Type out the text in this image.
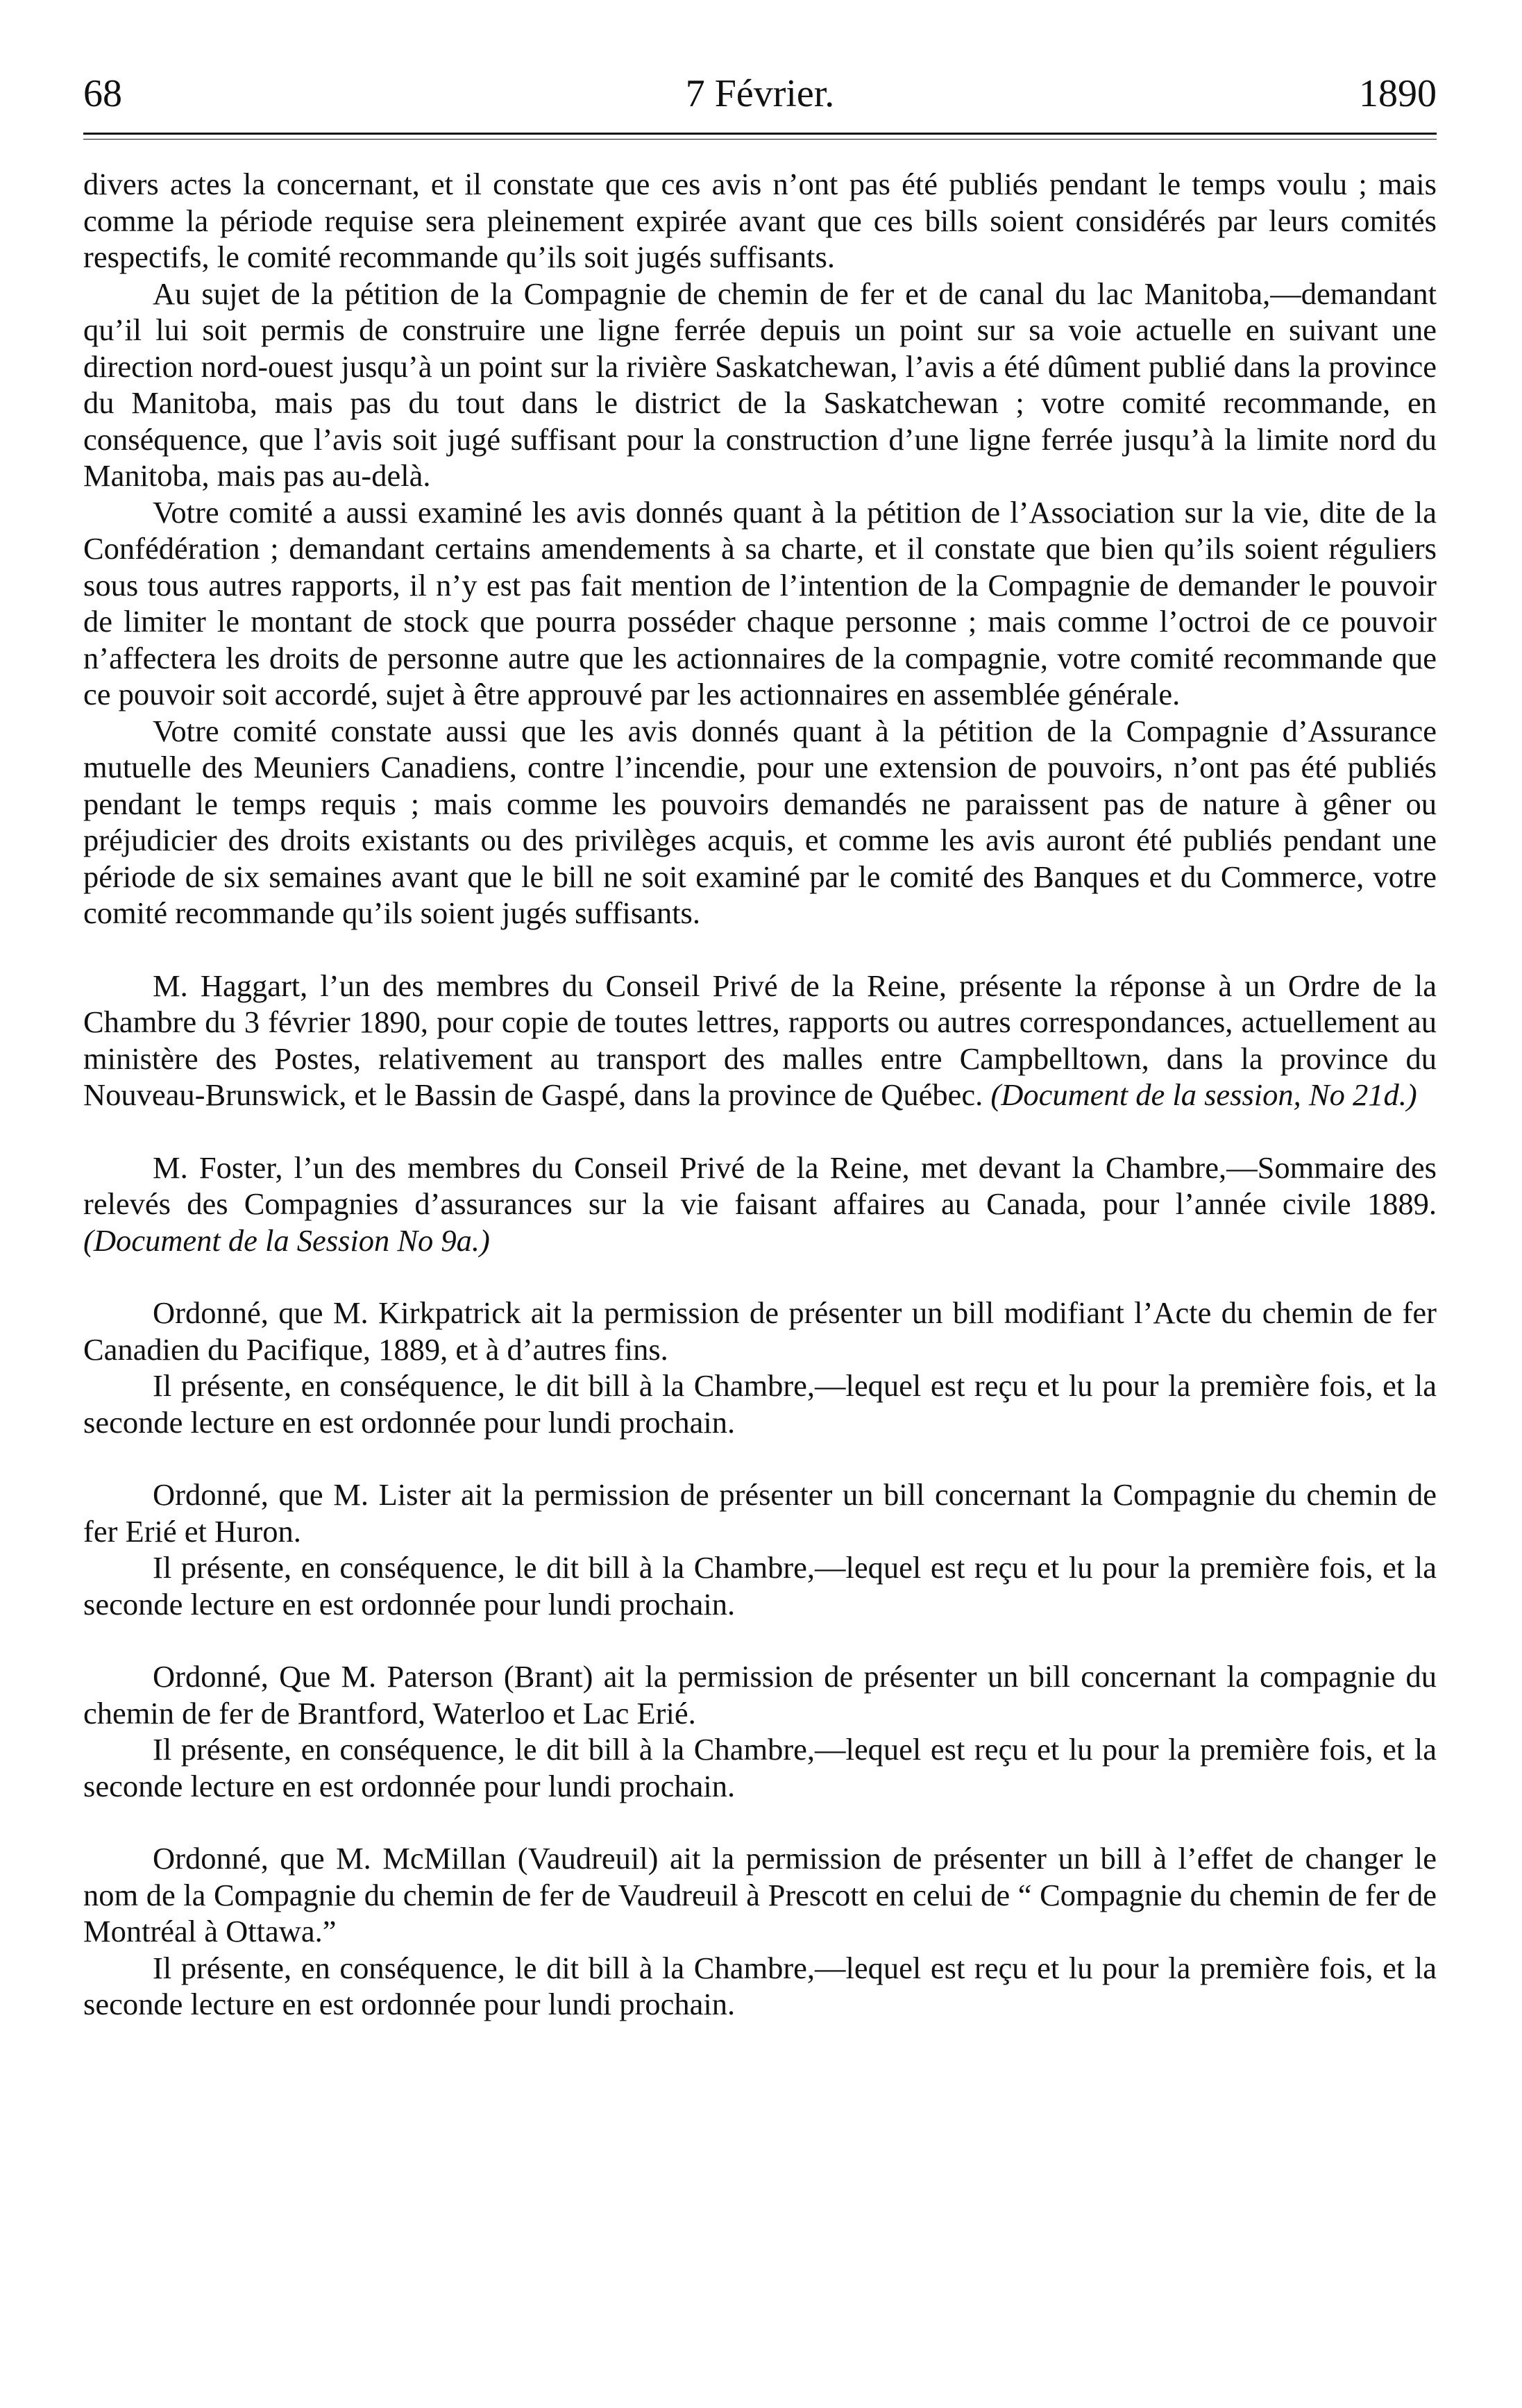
68	7 Février.	1890

divers actes la concernant, et il constate que ces avis n’ont pas été publiés pendant le temps voulu ; mais comme la période requise sera pleinement expirée avant que ces bills soient considérés par leurs comités respectifs, le comité recommande qu’ils soit jugés suffisants.

Au sujet de la pétition de la Compagnie de chemin de fer et de canal du lac Manitoba,—demandant qu’il lui soit permis de construire une ligne ferrée depuis un point sur sa voie actuelle en suivant une direction nord-ouest jusqu’à un point sur la rivière Saskatchewan, l’avis a été dûment publié dans la province du Manitoba, mais pas du tout dans le district de la Saskatchewan ; votre comité recommande, en conséquence, que l’avis soit jugé suffisant pour la construction d’une ligne ferrée jusqu’à la limite nord du Manitoba, mais pas au-delà.

Votre comité a aussi examiné les avis donnés quant à la pétition de l’Association sur la vie, dite de la Confédération ; demandant certains amendements à sa charte, et il constate que bien qu’ils soient réguliers sous tous autres rapports, il n’y est pas fait mention de l’intention de la Compagnie de demander le pouvoir de limiter le montant de stock que pourra posséder chaque personne ; mais comme l’octroi de ce pouvoir n’affectera les droits de personne autre que les actionnaires de la compagnie, votre comité recommande que ce pouvoir soit accordé, sujet à être approuvé par les actionnaires en assemblée générale.

Votre comité constate aussi que les avis donnés quant à la pétition de la Compagnie d’Assurance mutuelle des Meuniers Canadiens, contre l’incendie, pour une extension de pouvoirs, n’ont pas été publiés pendant le temps requis ; mais comme les pouvoirs demandés ne paraissent pas de nature à gêner ou préjudicier des droits existants ou des privilèges acquis, et comme les avis auront été publiés pendant une période de six semaines avant que le bill ne soit examiné par le comité des Banques et du Commerce, votre comité recommande qu’ils soient jugés suffisants.

M. Haggart, l’un des membres du Conseil Privé de la Reine, présente la réponse à un Ordre de la Chambre du 3 février 1890, pour copie de toutes lettres, rapports ou autres correspondances, actuellement au ministère des Postes, relativement au transport des malles entre Campbelltown, dans la province du Nouveau-Brunswick, et le Bassin de Gaspé, dans la province de Québec. (Document de la session, No 21d.)

M. Foster, l’un des membres du Conseil Privé de la Reine, met devant la Chambre,—Sommaire des relevés des Compagnies d’assurances sur la vie faisant affaires au Canada, pour l’année civile 1889. (Document de la Session No 9a.)

Ordonné, que M. Kirkpatrick ait la permission de présenter un bill modifiant l’Acte du chemin de fer Canadien du Pacifique, 1889, et à d’autres fins.

Il présente, en conséquence, le dit bill à la Chambre,—lequel est reçu et lu pour la première fois, et la seconde lecture en est ordonnée pour lundi prochain.

Ordonné, que M. Lister ait la permission de présenter un bill concernant la Compagnie du chemin de fer Erié et Huron.

Il présente, en conséquence, le dit bill à la Chambre,—lequel est reçu et lu pour la première fois, et la seconde lecture en est ordonnée pour lundi prochain.

Ordonné, Que M. Paterson (Brant) ait la permission de présenter un bill concernant la compagnie du chemin de fer de Brantford, Waterloo et Lac Erié.

Il présente, en conséquence, le dit bill à la Chambre,—lequel est reçu et lu pour la première fois, et la seconde lecture en est ordonnée pour lundi prochain.

Ordonné, que M. McMillan (Vaudreuil) ait la permission de présenter un bill à l’effet de changer le nom de la Compagnie du chemin de fer de Vaudreuil à Prescott en celui de “ Compagnie du chemin de fer de Montréal à Ottawa.”

Il présente, en conséquence, le dit bill à la Chambre,—lequel est reçu et lu pour la première fois, et la seconde lecture en est ordonnée pour lundi prochain.
